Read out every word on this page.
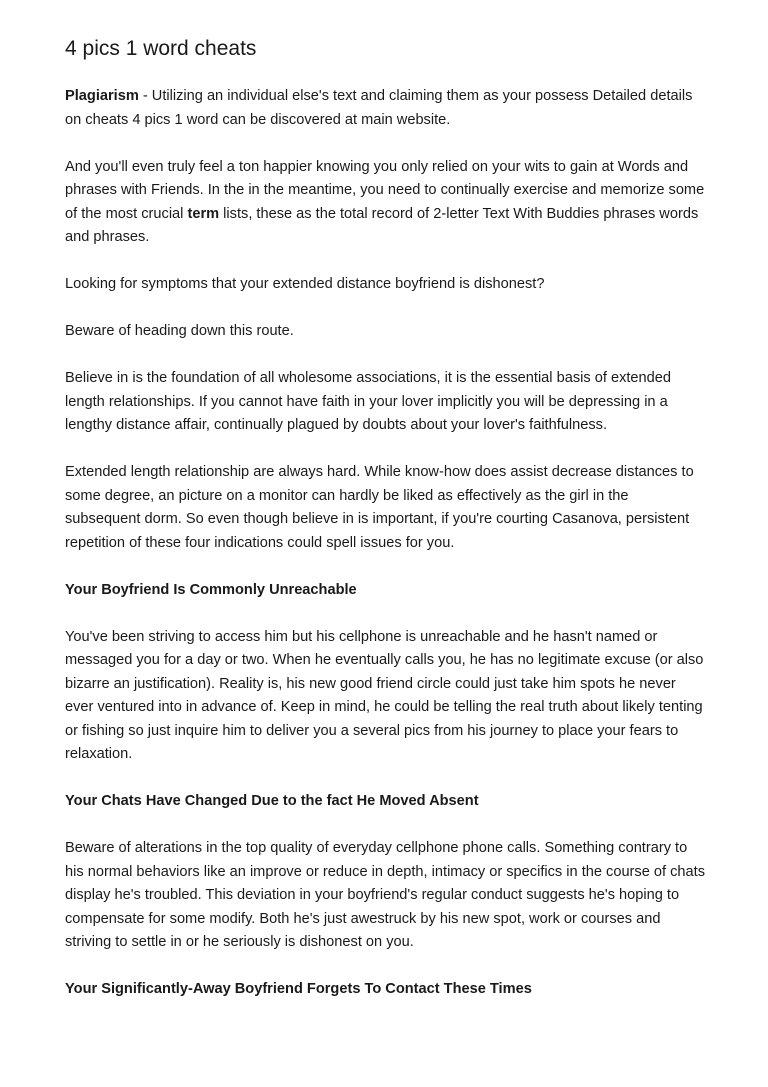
4 pics 1 word cheats

Plagiarism - Utilizing an individual else's text and claiming them as your possess Detailed details on cheats 4 pics 1 word can be discovered at main website.

And you'll even truly feel a ton happier knowing you only relied on your wits to gain at Words and phrases with Friends. In the in the meantime, you need to continually exercise and memorize some of the most crucial term lists, these as the total record of 2-letter Text With Buddies phrases words and phrases.

Looking for symptoms that your extended distance boyfriend is dishonest?

Beware of heading down this route.

Believe in is the foundation of all wholesome associations, it is the essential basis of extended length relationships. If you cannot have faith in your lover implicitly you will be depressing in a lengthy distance affair, continually plagued by doubts about your lover's faithfulness.

Extended length relationship are always hard. While know-how does assist decrease distances to some degree, an picture on a monitor can hardly be liked as effectively as the girl in the subsequent dorm. So even though believe in is important, if you're courting Casanova, persistent repetition of these four indications could spell issues for you.

Your Boyfriend Is Commonly Unreachable

You've been striving to access him but his cellphone is unreachable and he hasn't named or messaged you for a day or two. When he eventually calls you, he has no legitimate excuse (or also bizarre an justification). Reality is, his new good friend circle could just take him spots he never ever ventured into in advance of. Keep in mind, he could be telling the real truth about likely tenting or fishing so just inquire him to deliver you a several pics from his journey to place your fears to relaxation.

Your Chats Have Changed Due to the fact He Moved Absent

Beware of alterations in the top quality of everyday cellphone phone calls. Something contrary to his normal behaviors like an improve or reduce in depth, intimacy or specifics in the course of chats display he's troubled. This deviation in your boyfriend's regular conduct suggests he's hoping to compensate for some modify. Both he's just awestruck by his new spot, work or courses and striving to settle in or he seriously is dishonest on you.

Your Significantly-Away Boyfriend Forgets To Contact These Times
